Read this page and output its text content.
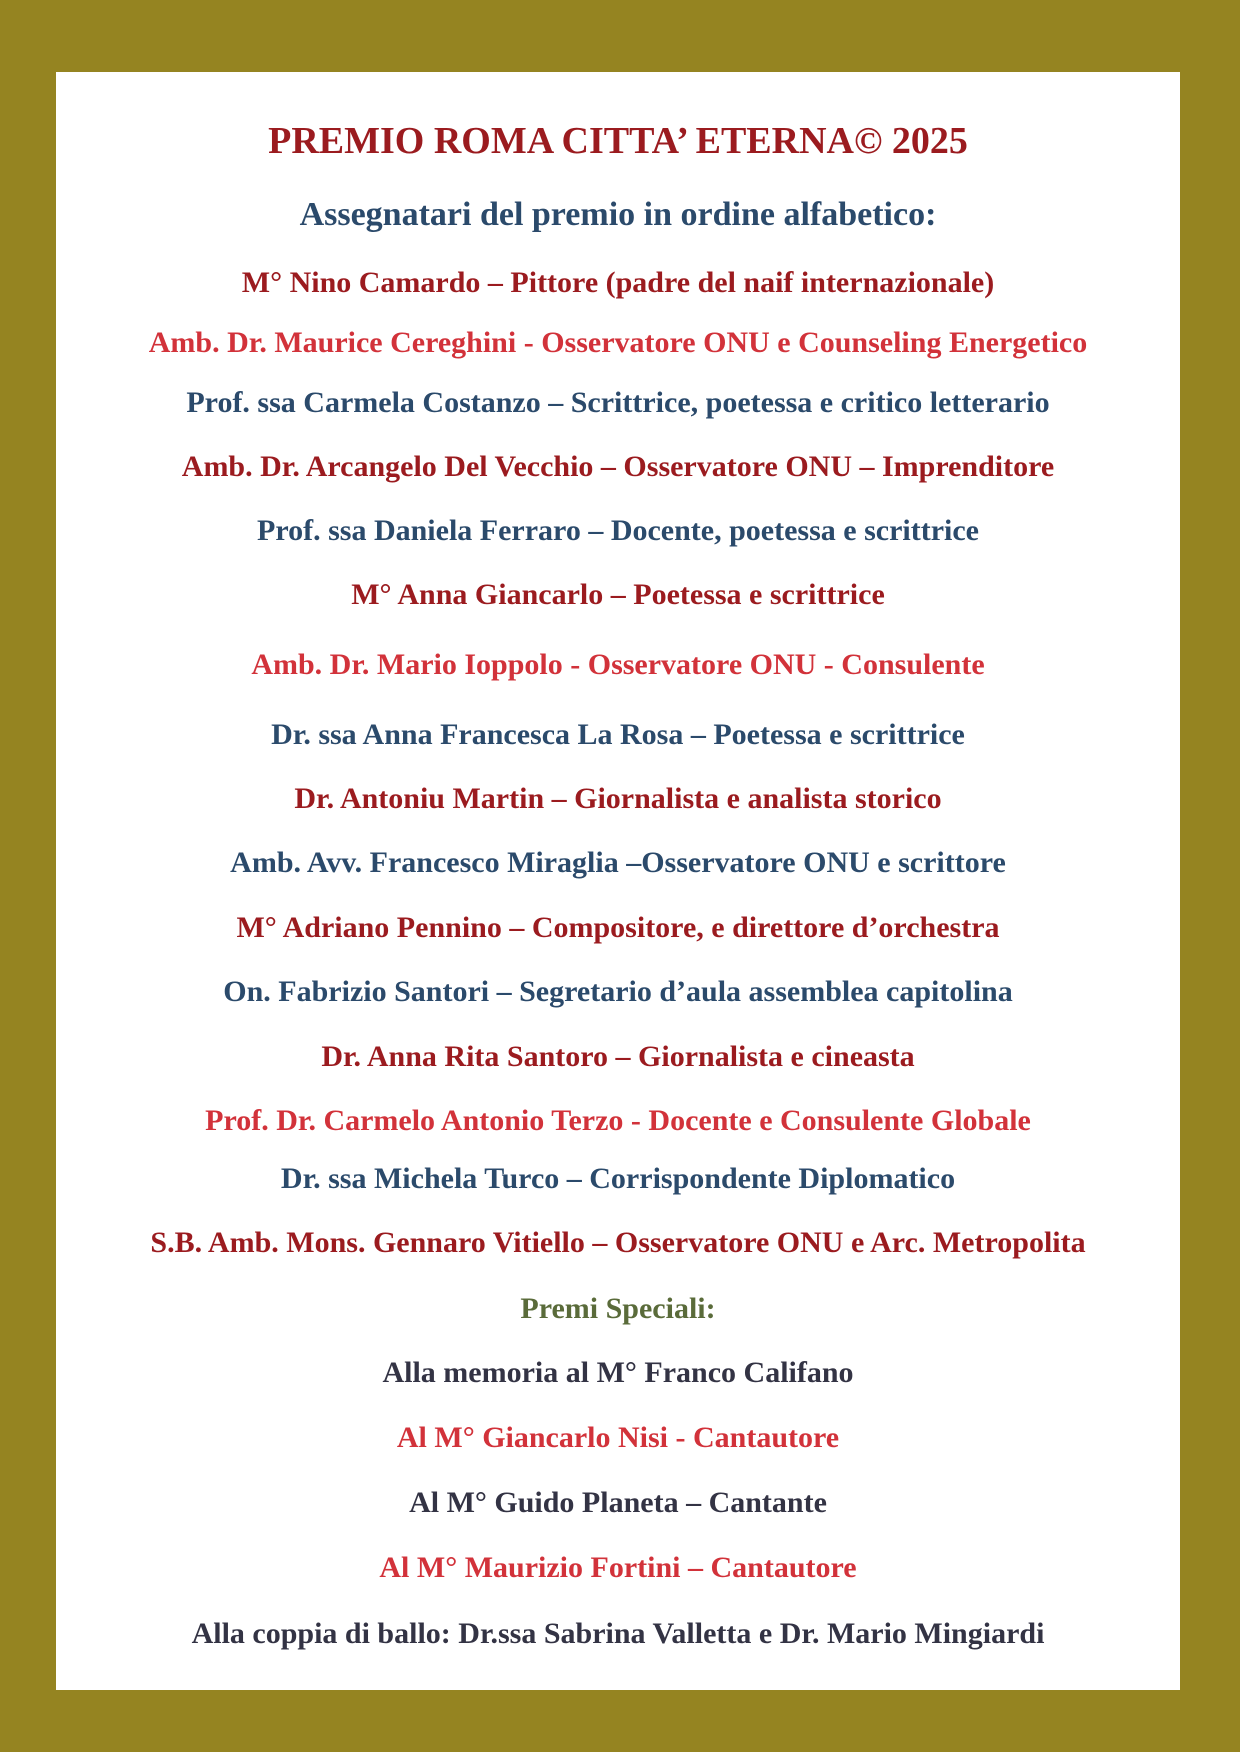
PREMIO ROMA CITTA’ ETERNA© 2025
Assegnatari del premio in ordine alfabetico:
M° Nino Camardo – Pittore (padre del naif internazionale)
Amb. Dr. Maurice Cereghini - Osservatore ONU e Counseling Energetico
Prof. ssa Carmela Costanzo – Scrittrice, poetessa e critico letterario
Amb. Dr. Arcangelo Del Vecchio – Osservatore ONU – Imprenditore
Prof. ssa Daniela Ferraro – Docente, poetessa e scrittrice
M° Anna Giancarlo – Poetessa e scrittrice
Amb. Dr. Mario Ioppolo - Osservatore ONU - Consulente
Dr. ssa Anna Francesca La Rosa – Poetessa e scrittrice
Dr. Antoniu Martin – Giornalista e analista storico
Amb. Avv. Francesco Miraglia –Osservatore ONU e scrittore
M° Adriano Pennino – Compositore, e direttore d’orchestra
On. Fabrizio Santori – Segretario d’aula assemblea capitolina
Dr. Anna Rita Santoro – Giornalista e cineasta
Prof. Dr. Carmelo Antonio Terzo - Docente e Consulente Globale
Dr. ssa Michela Turco – Corrispondente Diplomatico
S.B. Amb. Mons. Gennaro Vitiello – Osservatore ONU e Arc. Metropolita
Premi Speciali:
Alla memoria al M° Franco Califano
Al M° Giancarlo Nisi - Cantautore
Al M° Guido Planeta – Cantante
Al M° Maurizio Fortini – Cantautore
Alla coppia di ballo: Dr.ssa Sabrina Valletta e Dr. Mario Mingiardi
